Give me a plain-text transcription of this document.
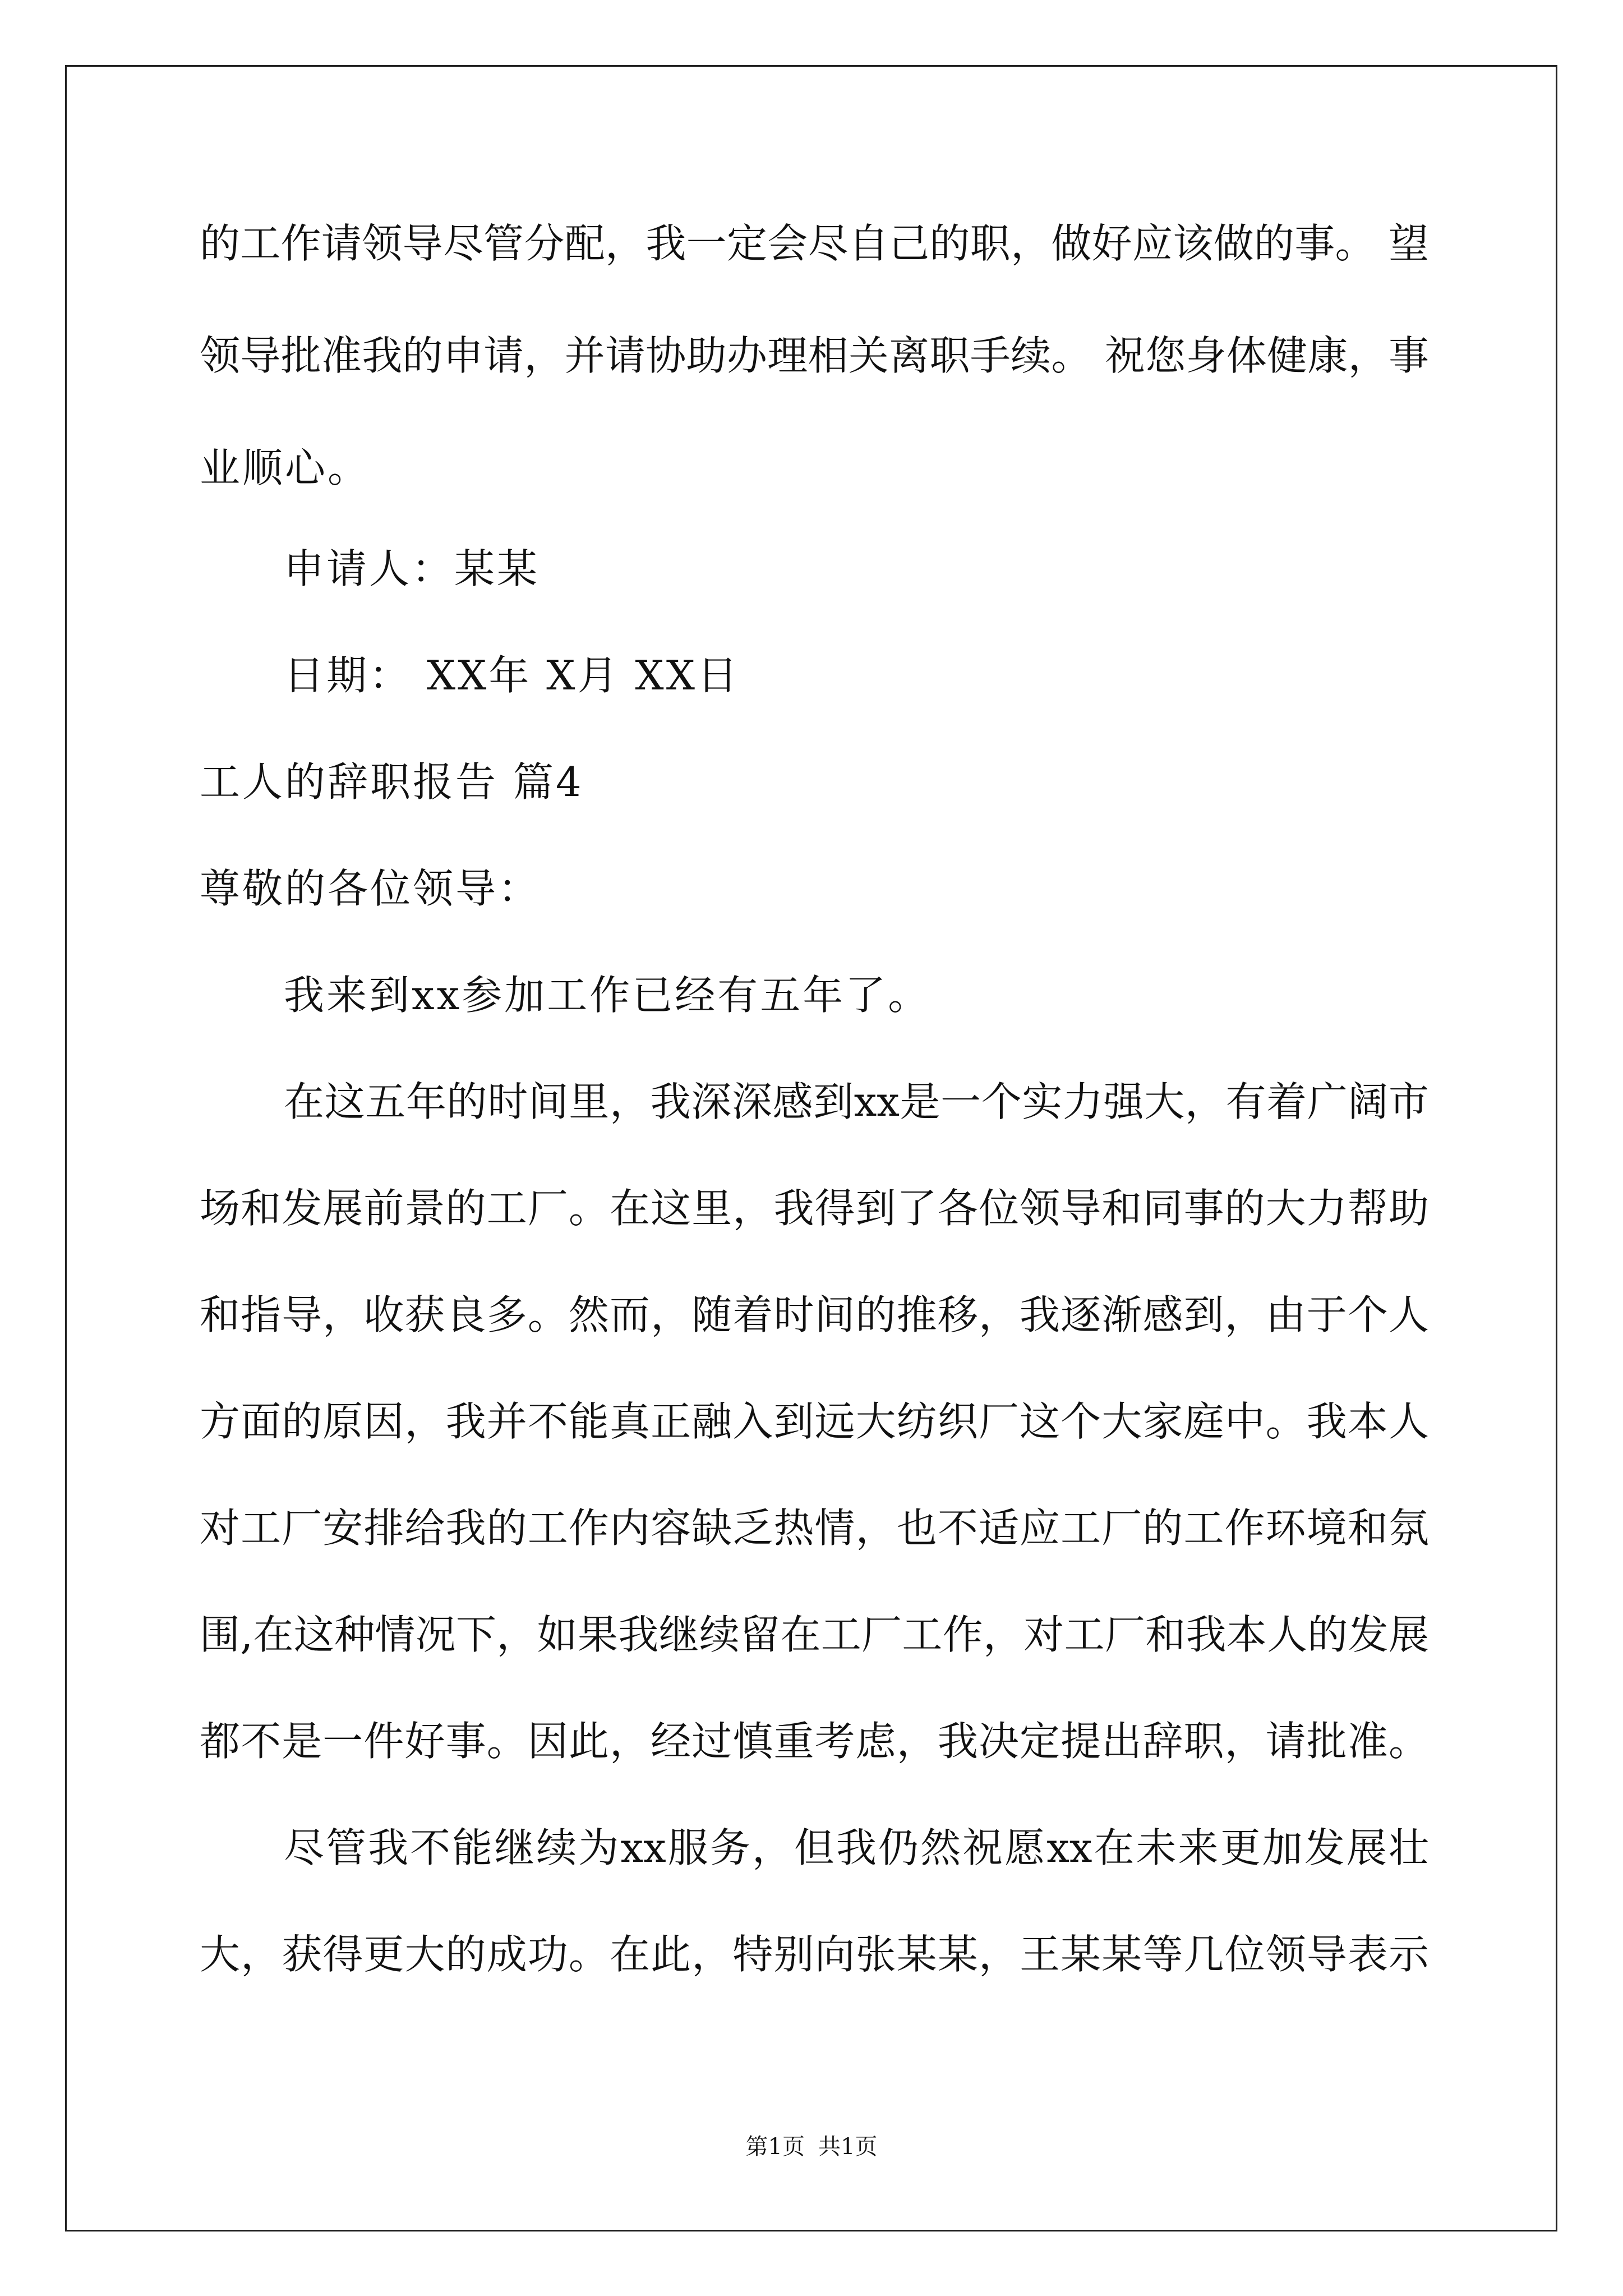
的工作请领导尽管分配，我一定会尽自己的职，做好应该做的事。 望
领导批准我的申请，并请协助办理相关离职手续。 祝您身体健康，事
业顺心。
申请人：某某
日期： XX年 X月 XX日
工人的辞职报告 篇4
尊敬的各位领导：
我来到xx参加工作已经有五年了。
在这五年的时间里，我深深感到xx是一个实力强大，有着广阔市
场和发展前景的工厂。在这里，我得到了各位领导和同事的大力帮助
和指导，收获良多。然而，随着时间的推移，我逐渐感到，由于个人
方面的原因，我并不能真正融入到远大纺织厂这个大家庭中。我本人
对工厂安排给我的工作内容缺乏热情，也不适应工厂的工作环境和氛
围,在这种情况下，如果我继续留在工厂工作，对工厂和我本人的发展
都不是一件好事。因此，经过慎重考虑，我决定提出辞职，请批准。
尽管我不能继续为xx服务，但我仍然祝愿xx在未来更加发展壮
大，获得更大的成功。在此，特别向张某某，王某某等几位领导表示
第1页 共1页
